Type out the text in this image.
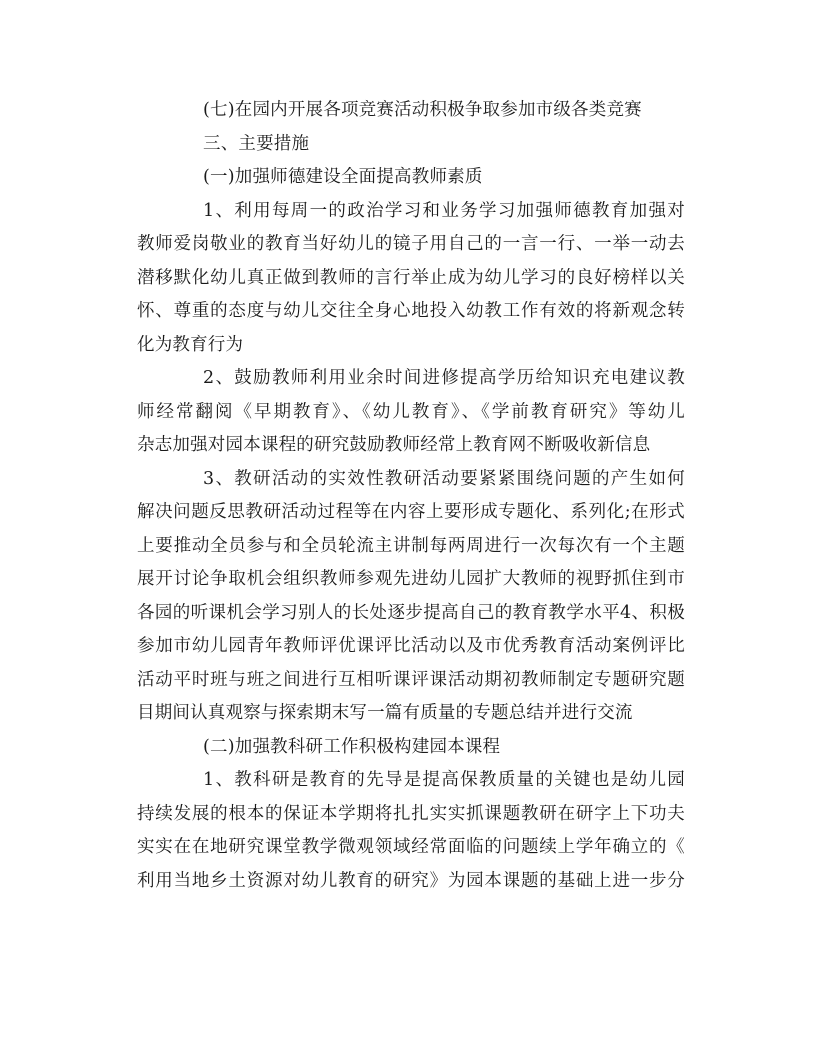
(七)在园内开展各项竞赛活动积极争取参加市级各类竞赛
三、主要措施
(一)加强师德建设全面提高教师素质
1、利用每周一的政治学习和业务学习加强师德教育加强对
教师爱岗敬业的教育当好幼儿的镜子用自己的一言一行、一举一动去
潜移默化幼儿真正做到教师的言行举止成为幼儿学习的良好榜样以关
怀、尊重的态度与幼儿交往全身心地投入幼教工作有效的将新观念转
化为教育行为
2、鼓励教师利用业余时间进修提高学历给知识充电建议教
师经常翻阅《早期教育》、《幼儿教育》、《学前教育研究》等幼儿
杂志加强对园本课程的研究鼓励教师经常上教育网不断吸收新信息
3、教研活动的实效性教研活动要紧紧围绕问题的产生如何
解决问题反思教研活动过程等在内容上要形成专题化、系列化;在形式
上要推动全员参与和全员轮流主讲制每两周进行一次每次有一个主题
展开讨论争取机会组织教师参观先进幼儿园扩大教师的视野抓住到市
各园的听课机会学习别人的长处逐步提高自己的教育教学水平4、积极
参加市幼儿园青年教师评优课评比活动以及市优秀教育活动案例评比
活动平时班与班之间进行互相听课评课活动期初教师制定专题研究题
目期间认真观察与探索期末写一篇有质量的专题总结并进行交流
(二)加强教科研工作积极构建园本课程
1、教科研是教育的先导是提高保教质量的关键也是幼儿园
持续发展的根本的保证本学期将扎扎实实抓课题教研在研字上下功夫
实实在在地研究课堂教学微观领域经常面临的问题续上学年确立的《
利用当地乡土资源对幼儿教育的研究》为园本课题的基础上进一步分
